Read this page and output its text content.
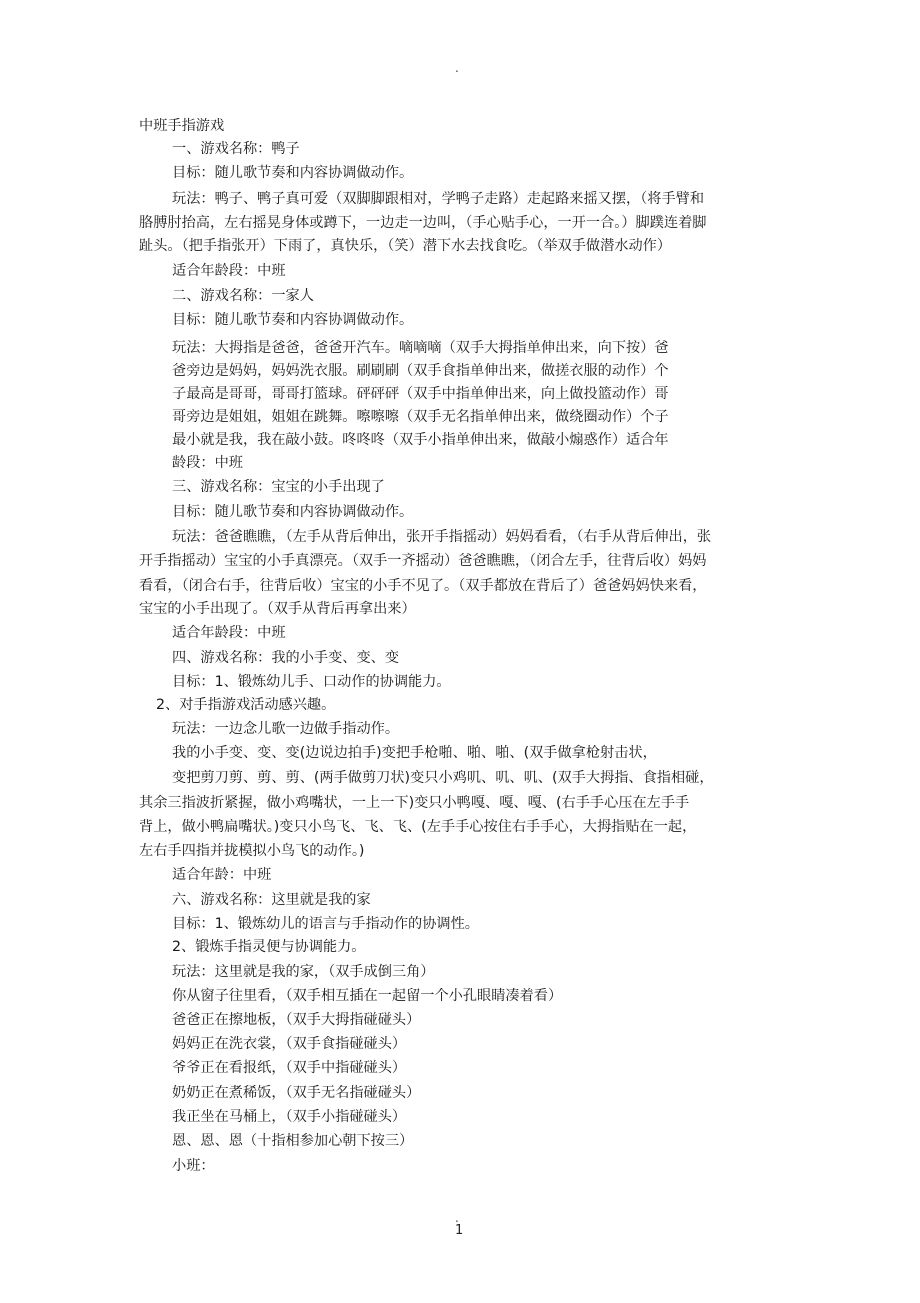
.
中班手指游戏
一、游戏名称：鸭子
目标：随儿歌节奏和内容协调做动作。
玩法：鸭子、鸭子真可爱（双脚脚跟相对，学鸭子走路）走起路来摇又摆，（将手臂和
胳膊肘抬高，左右摇晃身体或蹲下，一边走一边叫，（手心贴手心，一开一合。）脚蹼连着脚
趾头。（把手指张开）下雨了，真快乐，（笑）潜下水去找食吃。（举双手做潜水动作）
适合年龄段：中班
二、游戏名称：一家人
目标：随儿歌节奏和内容协调做动作。
玩法：大拇指是爸爸，爸爸开汽车。嘀嘀嘀（双手大拇指单伸出来，向下按）爸
爸旁边是妈妈，妈妈洗衣服。刷刷刷（双手食指单伸出来，做搓衣服的动作）个
子最高是哥哥，哥哥打篮球。砰砰砰（双手中指单伸出来，向上做投篮动作）哥
哥旁边是姐姐，姐姐在跳舞。嚓嚓嚓（双手无名指单伸出来，做绕圈动作）个子
最小就是我，我在敲小鼓。咚咚咚（双手小指单伸出来，做敲小煽惑作）适合年
龄段：中班
三、游戏名称：宝宝的小手出现了
目标：随儿歌节奏和内容协调做动作。
玩法：爸爸瞧瞧，（左手从背后伸出，张开手指摇动）妈妈看看，（右手从背后伸出，张
开手指摇动）宝宝的小手真漂亮。（双手一齐摇动）爸爸瞧瞧，（闭合左手，往背后收）妈妈
看看，（闭合右手，往背后收）宝宝的小手不见了。（双手都放在背后了）爸爸妈妈快来看，
宝宝的小手出现了。（双手从背后再拿出来）
适合年龄段：中班
四、游戏名称：我的小手变、变、变
目标：1、锻炼幼儿手、口动作的协调能力。
2、对手指游戏活动感兴趣。
玩法：一边念儿歌一边做手指动作。
我的小手变、变、变(边说边拍手)变把手枪啪、啪、啪、(双手做拿枪射击状，
变把剪刀剪、剪、剪、(两手做剪刀状)变只小鸡叽、叽、叽、(双手大拇指、食指相碰，
其余三指波折紧握，做小鸡嘴状，一上一下)变只小鸭嘎、嘎、嘎、(右手手心压在左手手
背上，做小鸭扁嘴状。)变只小鸟飞、飞、飞、(左手手心按住右手手心，大拇指贴在一起，
左右手四指并拢模拟小鸟飞的动作。)
适合年龄：中班
六、游戏名称：这里就是我的家
目标：1、锻炼幼儿的语言与手指动作的协调性。
2、锻炼手指灵便与协调能力。
玩法：这里就是我的家，（双手成倒三角）
你从窗子往里看，（双手相互插在一起留一个小孔眼睛凑着看）
爸爸正在擦地板，（双手大拇指碰碰头）
妈妈正在洗衣裳，（双手食指碰碰头）
爷爷正在看报纸，（双手中指碰碰头）
奶奶正在煮稀饭，（双手无名指碰碰头）
我正坐在马桶上，（双手小指碰碰头）
恩、恩、恩（十指相参加心朝下按三）
小班：
.
1
